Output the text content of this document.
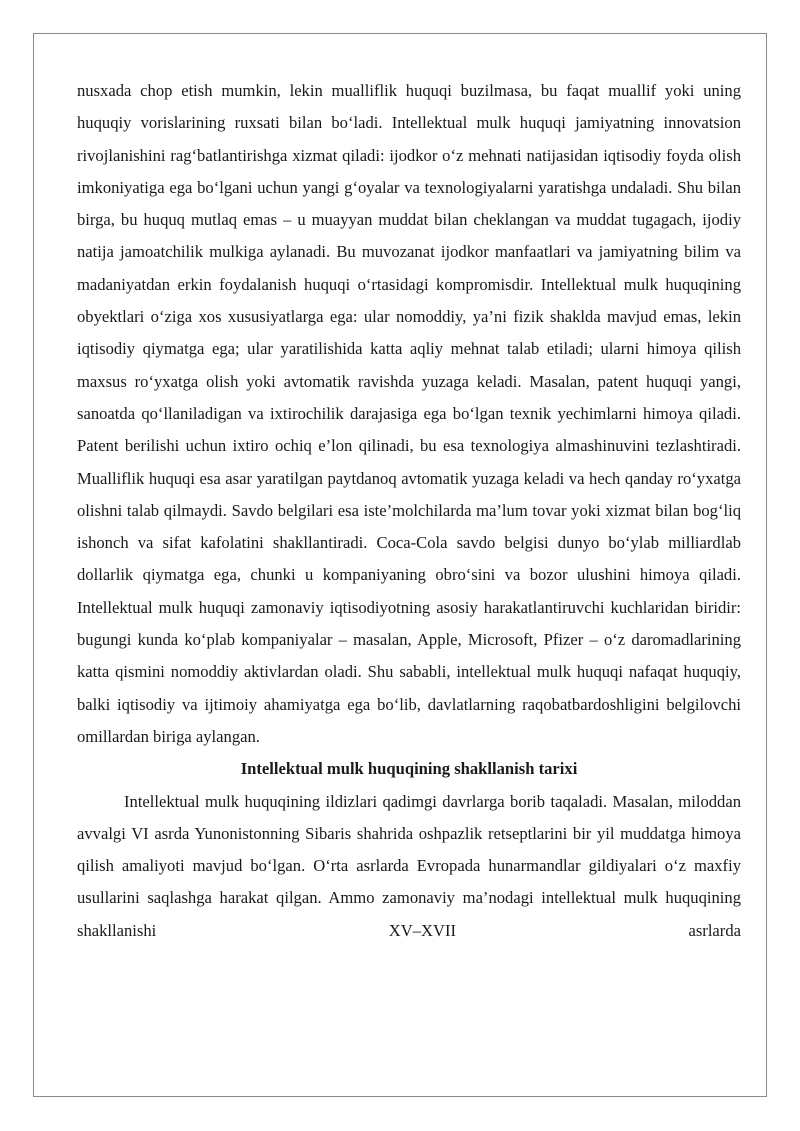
nusxada chop etish mumkin, lekin mualliflik huquqi buzilmasa, bu faqat muallif yoki uning huquqiy vorislarining ruxsati bilan bo‘ladi. Intellektual mulk huquqi jamiyatning innovatsion rivojlanishini rag‘batlantirishga xizmat qiladi: ijodkor o‘z mehnati natijasidan iqtisodiy foyda olish imkoniyatiga ega bo‘lgani uchun yangi g‘oyalar va texnologiyalarni yaratishga undaladi. Shu bilan birga, bu huquq mutlaq emas – u muayyan muddat bilan cheklangan va muddat tugagach, ijodiy natija jamoatchilik mulkiga aylanadi. Bu muvozanat ijodkor manfaatlari va jamiyatning bilim va madaniyatdan erkin foydalanish huquqi o‘rtasidagi kompromisdir. Intellektual mulk huquqining obyektlari o‘ziga xos xususiyatlarga ega: ular nomoddiy, ya’ni fizik shaklda mavjud emas, lekin iqtisodiy qiymatga ega; ular yaratilishida katta aqliy mehnat talab etiladi; ularni himoya qilish maxsus ro‘yxatga olish yoki avtomatik ravishda yuzaga keladi. Masalan, patent huquqi yangi, sanoatda qo‘llaniladigan va ixtirochilik darajasiga ega bo‘lgan texnik yechimlarni himoya qiladi. Patent berilishi uchun ixtiro ochiq e’lon qilinadi, bu esa texnologiya almashinuvini tezlashtiradi. Mualliflik huquqi esa asar yaratilgan paytdanoq avtomatik yuzaga keladi va hech qanday ro‘yxatga olishni talab qilmaydi. Savdo belgilari esa iste’molchilarda ma’lum tovar yoki xizmat bilan bog‘liq ishonch va sifat kafolatini shakllantiradi. Coca-Cola savdo belgisi dunyo bo‘ylab milliardlab dollarlik qiymatga ega, chunki u kompaniyaning obro‘sini va bozor ulushini himoya qiladi. Intellektual mulk huquqi zamonaviy iqtisodiyotning asosiy harakatlantiruvchi kuchlaridan biridir: bugungi kunda ko‘plab kompaniyalar – masalan, Apple, Microsoft, Pfizer – o‘z daromadlarining katta qismini nomoddiy aktivlardan oladi. Shu sababli, intellektual mulk huquqi nafaqat huquqiy, balki iqtisodiy va ijtimoiy ahamiyatga ega bo‘lib, davlatlarning raqobatbardoshligini belgilovchi omillardan biriga aylangan.

Intellektual mulk huquqining shakllanish tarixi

Intellektual mulk huquqining ildizlari qadimgi davrlarga borib taqaladi. Masalan, miloddan avvalgi VI asrda Yunonistonning Sibaris shahrida oshpazlik retseptlarini bir yil muddatga himoya qilish amaliyoti mavjud bo‘lgan. O‘rta asrlarda Evropada hunarmandlar gildiyalari o‘z maxfiy usullarini saqlashga harakat qilgan. Ammo zamonaviy ma’nodagi intellektual mulk huquqining shakllanishi XV–XVII asrlarda
